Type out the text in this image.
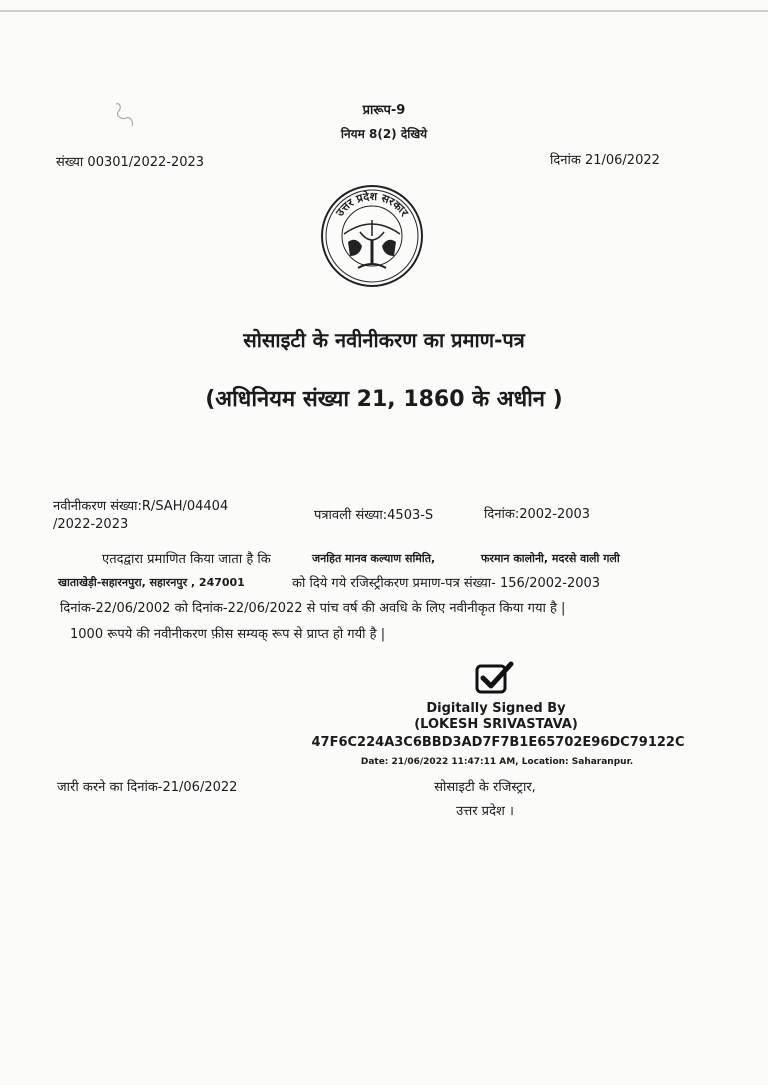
प्रारूप-9
नियम 8(2) देखिये
संख्या 00301/2022-2023	दिनांक 21/06/2022
उत्तर प्रदेश सरकार
सोसाइटी के नवीनीकरण का प्रमाण-पत्र
(अधिनियम संख्या 21, 1860 के अधीन )
नवीनीकरण संख्या:R/SAH/04404
/2022-2023
पत्रावली संख्या:4503-S	दिनांक:2002-2003
एतदद्वारा प्रमाणित किया जाता है कि	जनहित मानव कल्याण समिति,	फरमान कालोनी, मदरसे वाली गली
खाताखेड़ी-सहारनपुरा, सहारनपुर , 247001	को दिये गये रजिस्ट्रीकरण प्रमाण-पत्र संख्या- 156/2002-2003
दिनांक-22/06/2002 को दिनांक-22/06/2022 से पांच वर्ष की अवधि के लिए नवीनीकृत किया गया है |
1000 रूपये की नवीनीकरण फ़ीस सम्यक् रूप से प्राप्त हो गयी है |
Digitally Signed By
(LOKESH SRIVASTAVA)
47F6C224A3C6BBD3AD7F7B1E65702E96DC79122C
Date: 21/06/2022 11:47:11 AM, Location: Saharanpur.
जारी करने का दिनांक-21/06/2022	सोसाइटी के रजिस्ट्रार,
उत्तर प्रदेश ।
